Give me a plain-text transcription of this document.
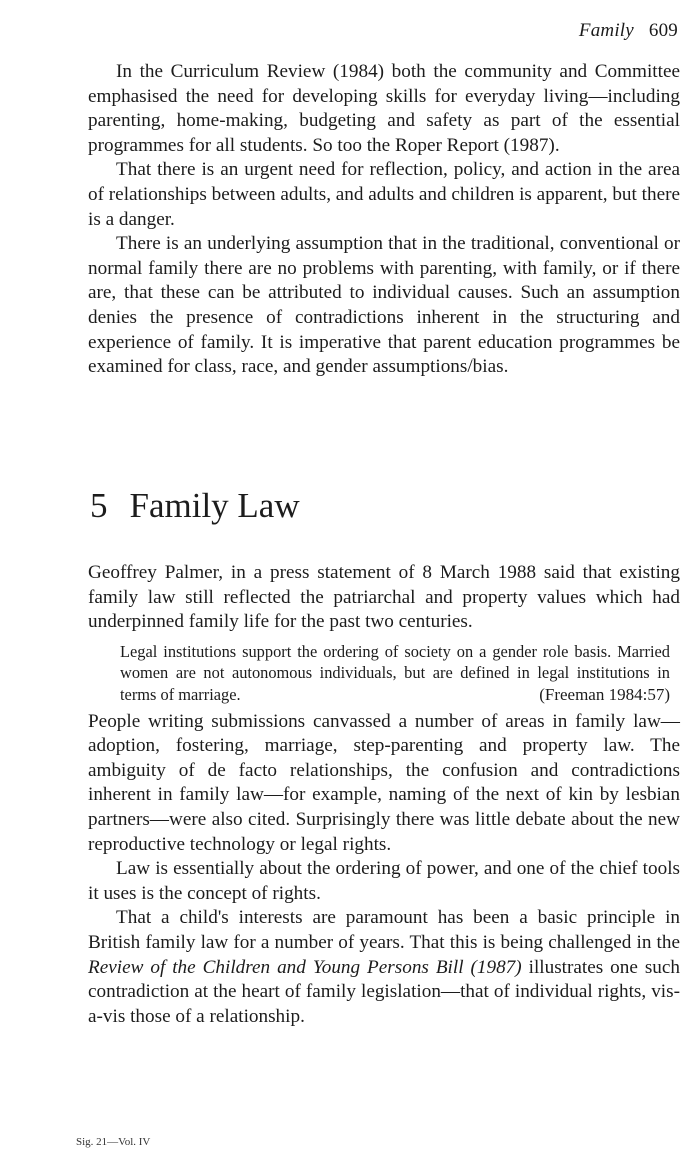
Family 609

In the Curriculum Review (1984) both the community and Committee emphasised the need for developing skills for everyday living—including parenting, home-making, budgeting and safety as part of the essential programmes for all students. So too the Roper Report (1987).

That there is an urgent need for reflection, policy, and action in the area of relationships between adults, and adults and children is apparent, but there is a danger.

There is an underlying assumption that in the traditional, conventional or normal family there are no problems with parenting, with family, or if there are, that these can be attributed to individual causes. Such an assumption denies the presence of contradictions inherent in the structuring and experience of family. It is imperative that parent education programmes be examined for class, race, and gender assumptions/bias.

5 Family Law

Geoffrey Palmer, in a press statement of 8 March 1988 said that existing family law still reflected the patriarchal and property values which had underpinned family life for the past two centuries.

Legal institutions support the ordering of society on a gender role basis. Married women are not autonomous individuals, but are defined in legal institutions in terms of marriage.	(Freeman 1984:57)

People writing submissions canvassed a number of areas in family law—adoption, fostering, marriage, step-parenting and property law. The ambiguity of de facto relationships, the confusion and contradictions inherent in family law—for example, naming of the next of kin by lesbian partners—were also cited. Surprisingly there was little debate about the new reproductive technology or legal rights.

Law is essentially about the ordering of power, and one of the chief tools it uses is the concept of rights.

That a child's interests are paramount has been a basic principle in British family law for a number of years. That this is being challenged in the Review of the Children and Young Persons Bill (1987) illustrates one such contradiction at the heart of family legislation—that of individual rights, vis-a-vis those of a relationship.

Sig. 21—Vol. IV
